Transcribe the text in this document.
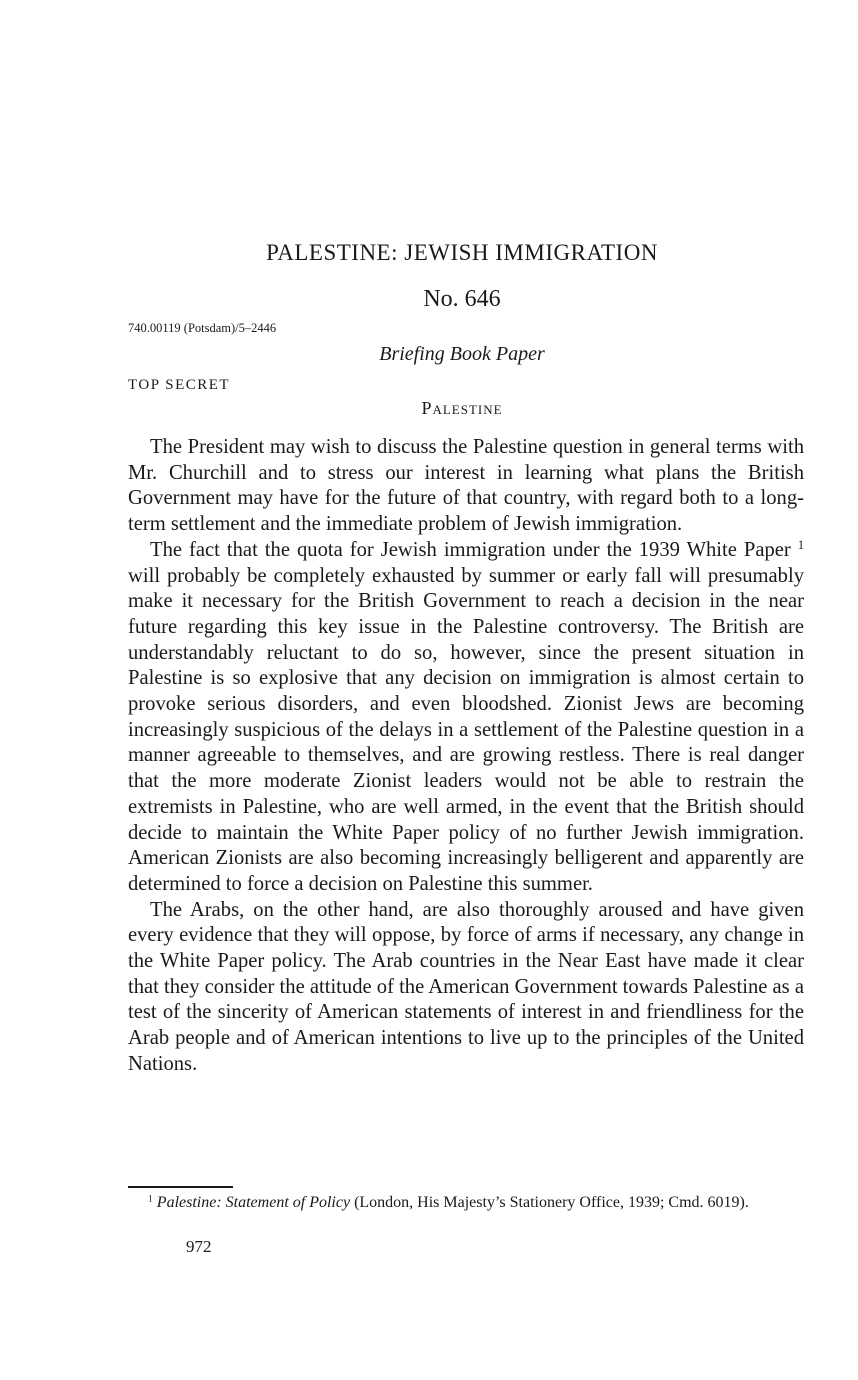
PALESTINE: JEWISH IMMIGRATION
No. 646
740.00119 (Potsdam)/5–2446
Briefing Book Paper
TOP SECRET
Palestine

The President may wish to discuss the Palestine question in general terms with Mr. Churchill and to stress our interest in learning what plans the British Government may have for the future of that country, with regard both to a long-term settlement and the immediate problem of Jewish immigration.

The fact that the quota for Jewish immigration under the 1939 White Paper $^1$ will probably be completely exhausted by summer or early fall will presumably make it necessary for the British Government to reach a decision in the near future regarding this key issue in the Palestine controversy. The British are understandably reluctant to do so, however, since the present situation in Palestine is so explosive that any decision on immigration is almost certain to provoke serious disorders, and even bloodshed. Zionist Jews are becoming increasingly suspicious of the delays in a settlement of the Palestine question in a manner agreeable to themselves, and are growing restless. There is real danger that the more moderate Zionist leaders would not be able to restrain the extremists in Palestine, who are well armed, in the event that the British should decide to maintain the White Paper policy of no further Jewish immigration. American Zionists are also becoming increasingly belligerent and apparently are determined to force a decision on Palestine this summer.

The Arabs, on the other hand, are also thoroughly aroused and have given every evidence that they will oppose, by force of arms if necessary, any change in the White Paper policy. The Arab countries in the Near East have made it clear that they consider the attitude of the American Government towards Palestine as a test of the sincerity of American statements of interest in and friendliness for the Arab people and of American intentions to live up to the principles of the United Nations.

$^1$ Palestine: Statement of Policy (London, His Majesty’s Stationery Office, 1939; Cmd. 6019).
972
